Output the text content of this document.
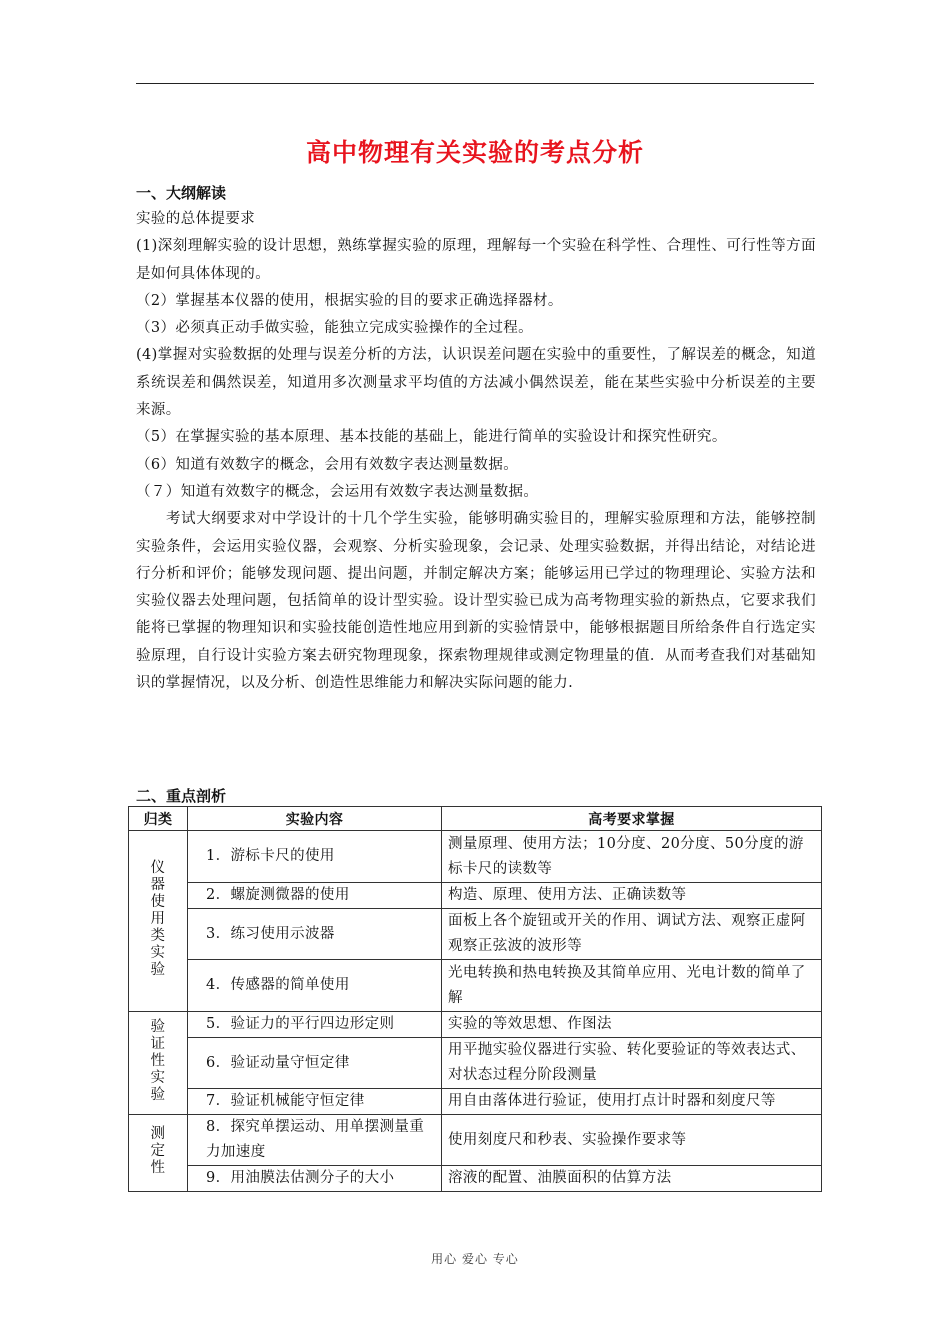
高中物理有关实验的考点分析
一、大纲解读

实验的总体提要求

(1)深刻理解实验的设计思想，熟练掌握实验的原理，理解每一个实验在科学性、合理性、可行性等方面是如何具体体现的。

（2）掌握基本仪器的使用，根据实验的目的要求正确选择器材。

（3）必须真正动手做实验，能独立完成实验操作的全过程。

(4)掌握对实验数据的处理与误差分析的方法，认识误差问题在实验中的重要性，了解误差的概念，知道系统误差和偶然误差，知道用多次测量求平均值的方法减小偶然误差，能在某些实验中分析误差的主要来源。

（5）在掌握实验的基本原理、基本技能的基础上，能进行简单的实验设计和探究性研究。

（6）知道有效数字的概念，会用有效数字表达测量数据。

（７）知道有效数字的概念，会运用有效数字表达测量数据。

考试大纲要求对中学设计的十几个学生实验，能够明确实验目的，理解实验原理和方法，能够控制实验条件，会运用实验仪器，会观察、分析实验现象，会记录、处理实验数据，并得出结论，对结论进行分析和评价；能够发现问题、提出问题，并制定解决方案；能够运用已学过的物理理论、实验方法和实验仪器去处理问题，包括简单的设计型实验。设计型实验已成为高考物理实验的新热点，它要求我们能将已掌握的物理知识和实验技能创造性地应用到新的实验情景中，能够根据题目所给条件自行选定实验原理，自行设计实验方案去研究物理现象，探索物理规律或测定物理量的值．从而考查我们对基础知识的掌握情况，以及分析、创造性思维能力和解决实际问题的能力.

二、重点剖析
归类	实验内容	高考要求掌握
仪器使用类实验	1．游标卡尺的使用	测量原理、使用方法；10分度、20分度、50分度的游标卡尺的读数等
	2．螺旋测微器的使用	构造、原理、使用方法、正确读数等
	3．练习使用示波器	面板上各个旋钮或开关的作用、调试方法、观察正虚阿观察正弦波的波形等
	4．传感器的简单使用	光电转换和热电转换及其简单应用、光电计数的简单了解
验证性实验	5．验证力的平行四边形定则	实验的等效思想、作图法
	6．验证动量守恒定律	用平抛实验仪器进行实验、转化要验证的等效表达式、对状态过程分阶段测量
	7．验证机械能守恒定律	用自由落体进行验证，使用打点计时器和刻度尺等
测定性	8．探究单摆运动、用单摆测量重力加速度	使用刻度尺和秒表、实验操作要求等
	9．用油膜法估测分子的大小	溶液的配置、油膜面积的估算方法
用心 爱心 专心
